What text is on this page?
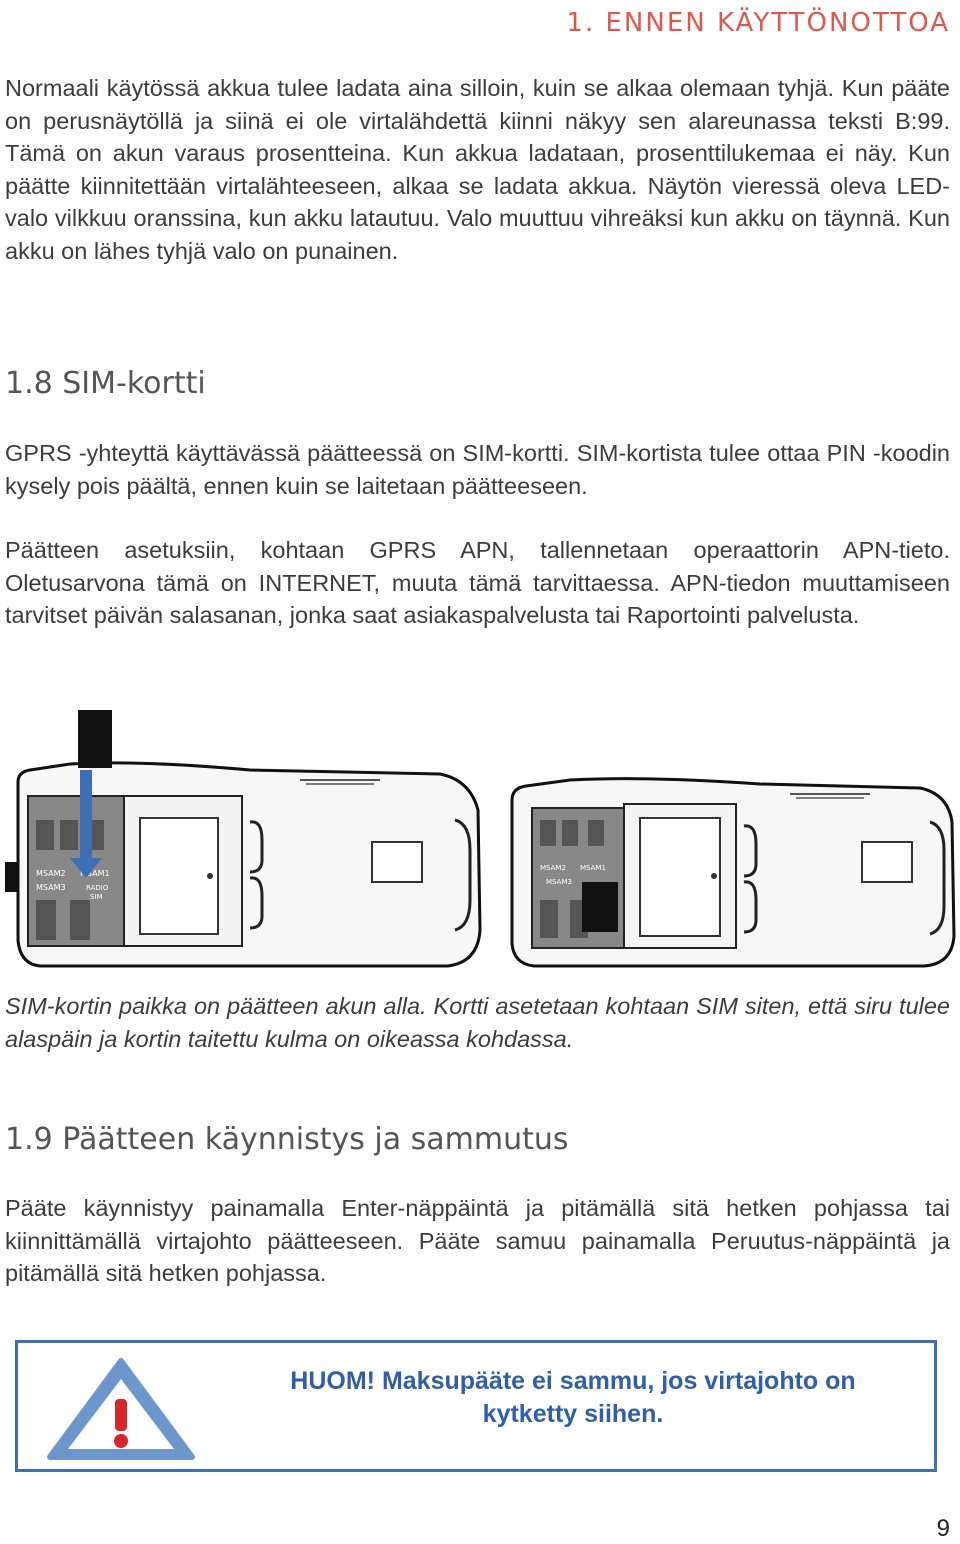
1. ENNEN KÄYTTÖNOTTOA

Normaali käytössä akkua tulee ladata aina silloin, kuin se alkaa olemaan tyhjä. Kun pääte on perusnäytöllä ja siinä ei ole virtalähdettä kiinni näkyy sen alareunassa teksti B:99. Tämä on akun varaus prosentteina. Kun akkua ladataan, prosenttilukemaa ei näy. Kun päätte kiinnitettään virtalähteeseen, alkaa se ladata akkua. Näytön vieressä oleva LED-valo vilkkuu oranssina, kun akku latautuu. Valo muuttuu vihreäksi kun akku on täynnä. Kun akku on lähes tyhjä valo on punainen.

1.8 SIM-kortti

GPRS -yhteyttä käyttävässä päätteessä on SIM-kortti. SIM-kortista tulee ottaa PIN -koodin kysely pois päältä, ennen kuin se laitetaan päätteeseen.

Päätteen asetuksiin, kohtaan GPRS APN, tallennetaan operaattorin APN-tieto. Oletusarvona tämä on INTERNET, muuta tämä tarvittaessa. APN-tiedon muuttamiseen tarvitset päivän salasanan, jonka saat asiakaspalvelusta tai Raportointi palvelusta.

MSAM2 MSAM1
MSAM3	RADIO
SIM
MSAM2 MSAM1
MSAM3

SIM-kortin paikka on päätteen akun alla. Kortti asetetaan kohtaan SIM siten, että siru tulee alaspäin ja kortin taitettu kulma on oikeassa kohdassa.

1.9 Päätteen käynnistys ja sammutus

Pääte käynnistyy painamalla Enter-näppäintä ja pitämällä sitä hetken pohjassa tai kiinnittämällä virtajohto päätteeseen. Pääte samuu painamalla Peruutus-näppäintä ja pitämällä sitä hetken pohjassa.

HUOM! Maksupääte ei sammu, jos virtajohto on
kytketty siihen.
9
